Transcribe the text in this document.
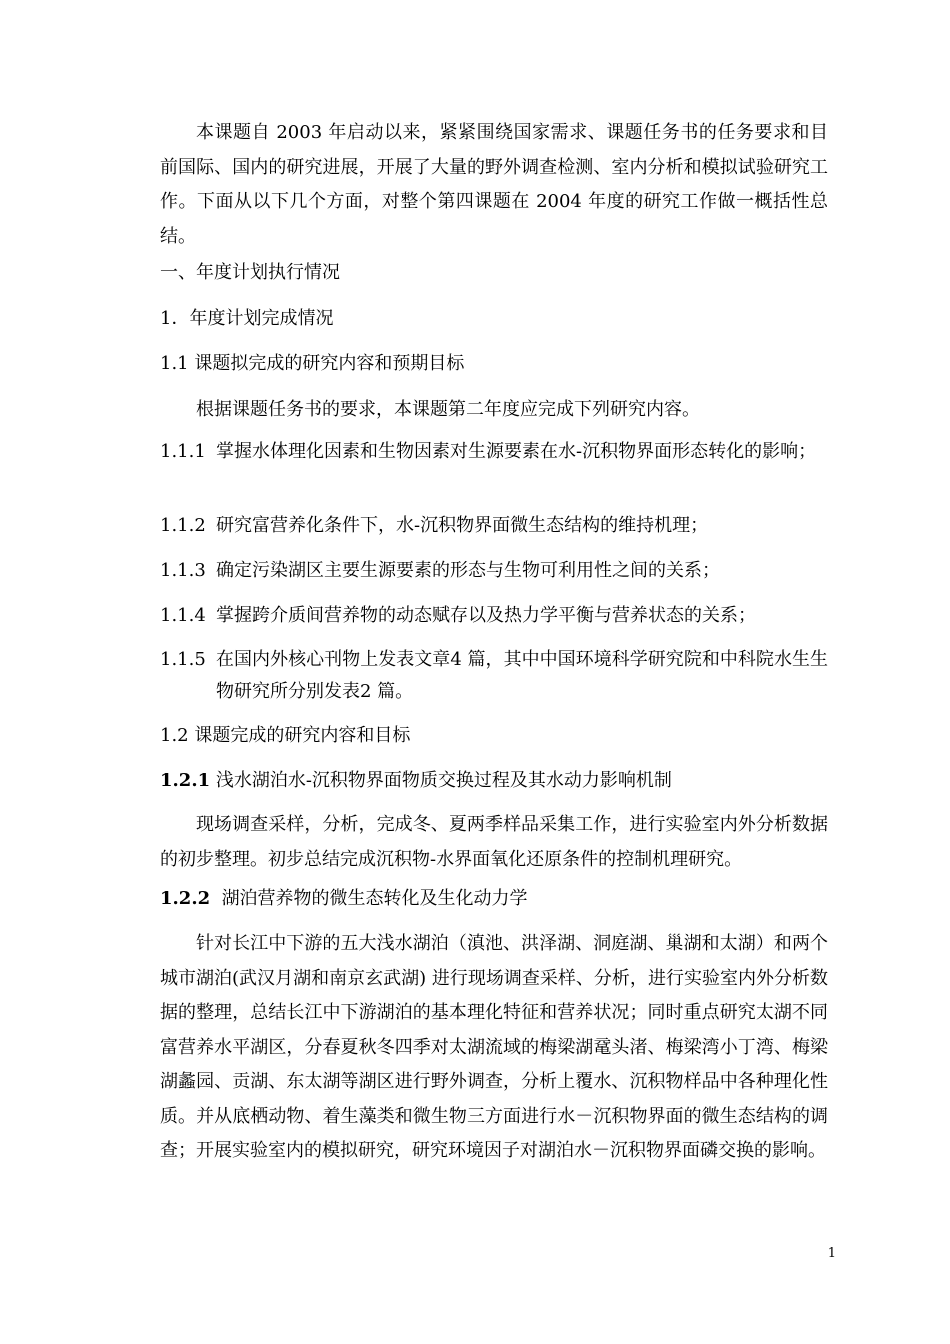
本课题自 2003 年启动以来，紧紧围绕国家需求、课题任务书的任务要求和目前国际、国内的研究进展，开展了大量的野外调查检测、室内分析和模拟试验研究工作。下面从以下几个方面，对整个第四课题在 2004 年度的研究工作做一概括性总结。

一、年度计划执行情况

1．年度计划完成情况

1.1 课题拟完成的研究内容和预期目标

根据课题任务书的要求，本课题第二年度应完成下列研究内容。

1.1.1 掌握水体理化因素和生物因素对生源要素在水-沉积物界面形态转化的影响；
1.1.2 研究富营养化条件下，水-沉积物界面微生态结构的维持机理；
1.1.3 确定污染湖区主要生源要素的形态与生物可利用性之间的关系；
1.1.4 掌握跨介质间营养物的动态赋存以及热力学平衡与营养状态的关系；
1.1.5 在国内外核心刊物上发表文章4 篇，其中中国环境科学研究院和中科院水生生物研究所分别发表2 篇。

1.2 课题完成的研究内容和目标

1.2.1 浅水湖泊水-沉积物界面物质交换过程及其水动力影响机制

现场调查采样，分析，完成冬、夏两季样品采集工作，进行实验室内外分析数据的初步整理。初步总结完成沉积物-水界面氧化还原条件的控制机理研究。

1.2.2 湖泊营养物的微生态转化及生化动力学

针对长江中下游的五大浅水湖泊（滇池、洪泽湖、洞庭湖、巢湖和太湖）和两个城市湖泊(武汉月湖和南京玄武湖) 进行现场调查采样、分析，进行实验室内外分析数据的整理，总结长江中下游湖泊的基本理化特征和营养状况；同时重点研究太湖不同富营养水平湖区，分春夏秋冬四季对太湖流域的梅梁湖鼋头渚、梅梁湾小丁湾、梅梁湖蠡园、贡湖、东太湖等湖区进行野外调查，分析上覆水、沉积物样品中各种理化性质。并从底栖动物、着生藻类和微生物三方面进行水－沉积物界面的微生态结构的调查；开展实验室内的模拟研究，研究环境因子对湖泊水－沉积物界面磷交换的影响。

1
